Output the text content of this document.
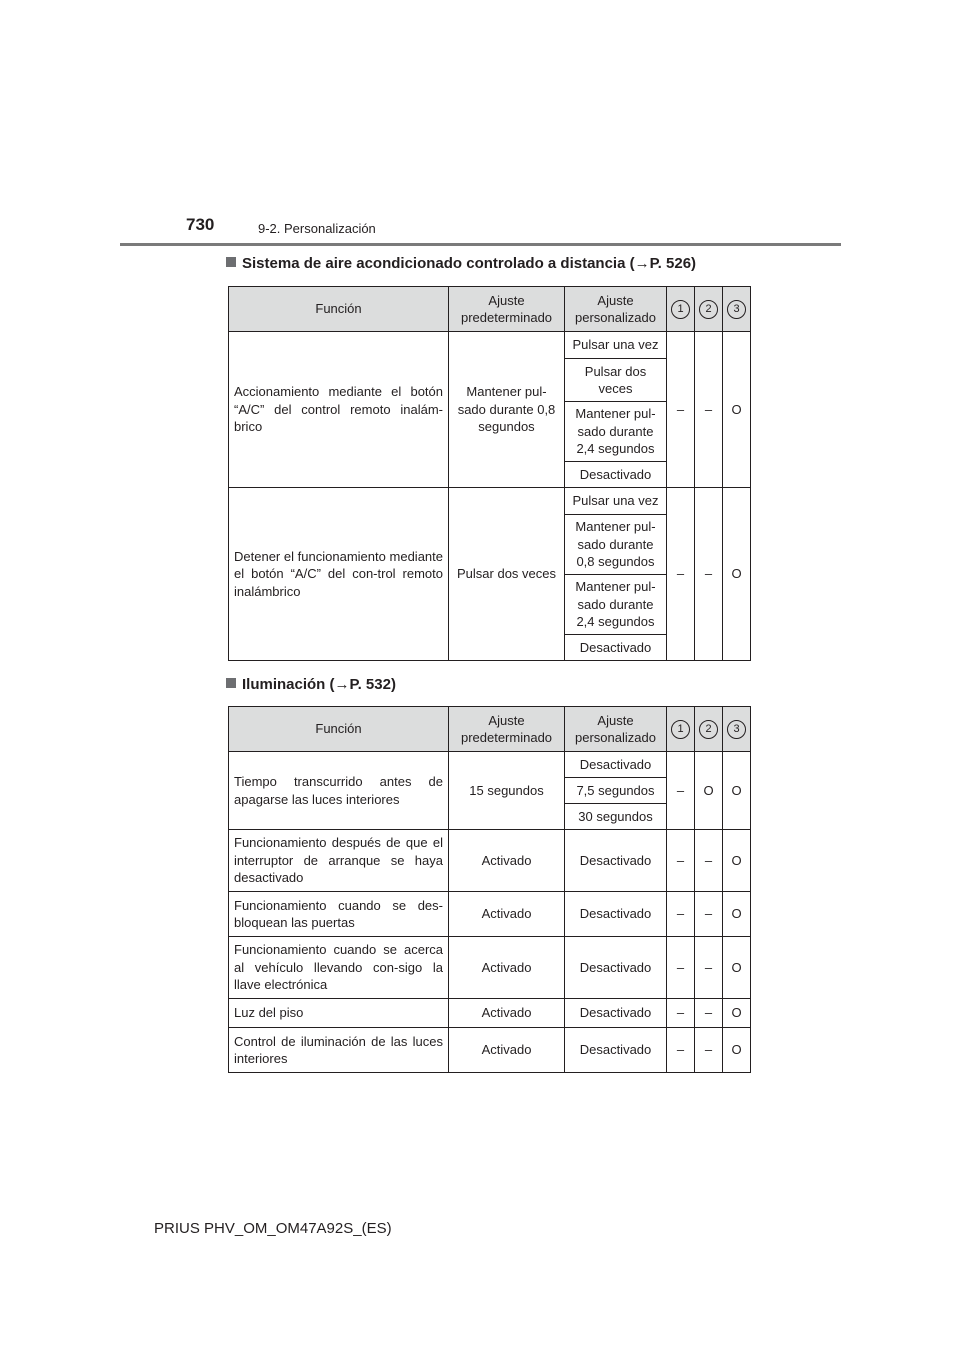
730	9-2. Personalización
Sistema de aire acondicionado controlado a distancia (→P. 526)
Función	Ajuste predeterminado	Ajuste personalizado	1	2	3
Accionamiento mediante el botón “A/C” del control remoto inalám-brico	Mantener pul-sado durante 0,8 segundos	Pulsar una vez	–	–	O
		Pulsar dos veces			
		Mantener pul-sado durante 2,4 segundos			
		Desactivado			
Detener el funcionamiento mediante el botón “A/C” del con-trol remoto inalámbrico	Pulsar dos veces	Pulsar una vez	–	–	O
		Mantener pul-sado durante 0,8 segundos			
		Mantener pul-sado durante 2,4 segundos			
		Desactivado			
Iluminación (→P. 532)
Función	Ajuste predeterminado	Ajuste personalizado	1	2	3
Tiempo transcurrido antes de apagarse las luces interiores	15 segundos	Desactivado	–	O	O
		7,5 segundos			
		30 segundos			
Funcionamiento después de que el interruptor de arranque se haya desactivado	Activado	Desactivado	–	–	O
Funcionamiento cuando se des-bloquean las puertas	Activado	Desactivado	–	–	O
Funcionamiento cuando se acerca al vehículo llevando con-sigo la llave electrónica	Activado	Desactivado	–	–	O
Luz del piso	Activado	Desactivado	–	–	O
Control de iluminación de las luces interiores	Activado	Desactivado	–	–	O
PRIUS PHV_OM_OM47A92S_(ES)
